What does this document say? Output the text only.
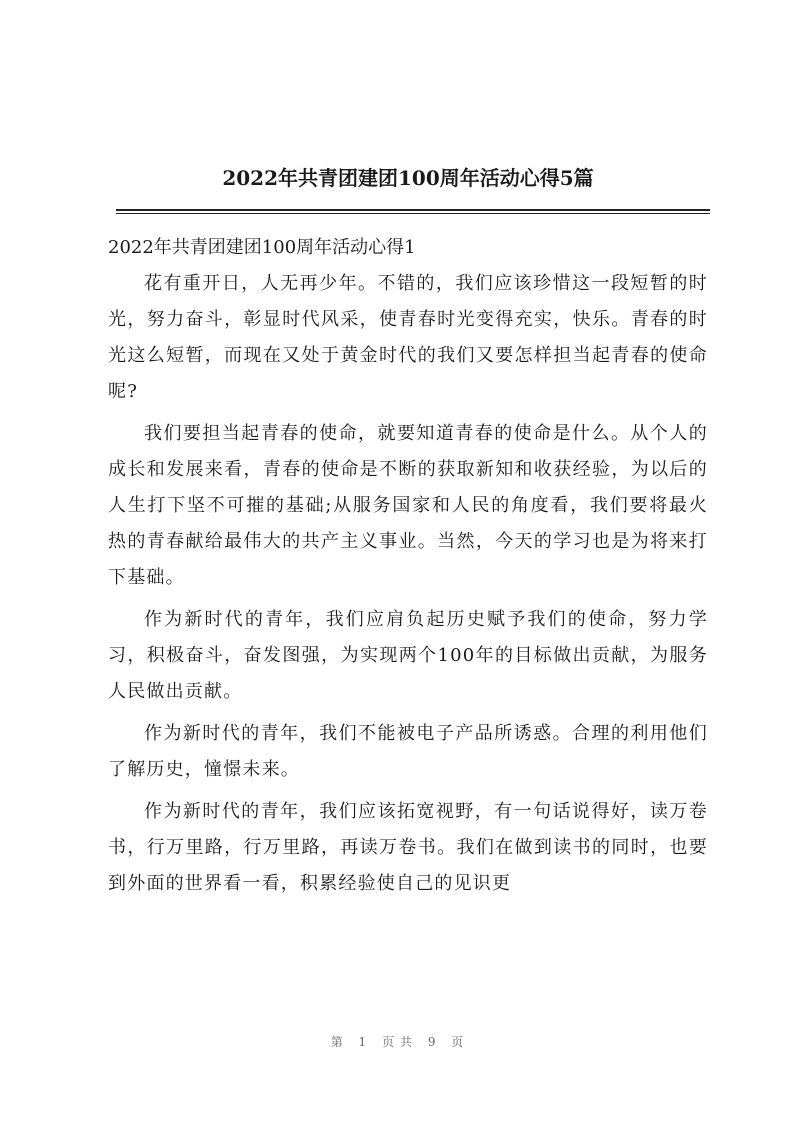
2022年共青团建团100周年活动心得5篇

2022年共青团建团100周年活动心得1

花有重开日，人无再少年。不错的，我们应该珍惜这一段短暂的时光，努力奋斗，彰显时代风采，使青春时光变得充实，快乐。青春的时光这么短暂，而现在又处于黄金时代的我们又要怎样担当起青春的使命呢?

我们要担当起青春的使命，就要知道青春的使命是什么。从个人的成长和发展来看，青春的使命是不断的获取新知和收获经验，为以后的人生打下坚不可摧的基础;从服务国家和人民的角度看，我们要将最火热的青春献给最伟大的共产主义事业。当然，今天的学习也是为将来打下基础。

作为新时代的青年，我们应肩负起历史赋予我们的使命，努力学习，积极奋斗，奋发图强，为实现两个100年的目标做出贡献，为服务人民做出贡献。

作为新时代的青年，我们不能被电子产品所诱惑。合理的利用他们了解历史，憧憬未来。

作为新时代的青年，我们应该拓宽视野，有一句话说得好，读万卷书，行万里路，行万里路，再读万卷书。我们在做到读书的同时，也要到外面的世界看一看，积累经验使自己的见识更

第 1 页共 9 页
